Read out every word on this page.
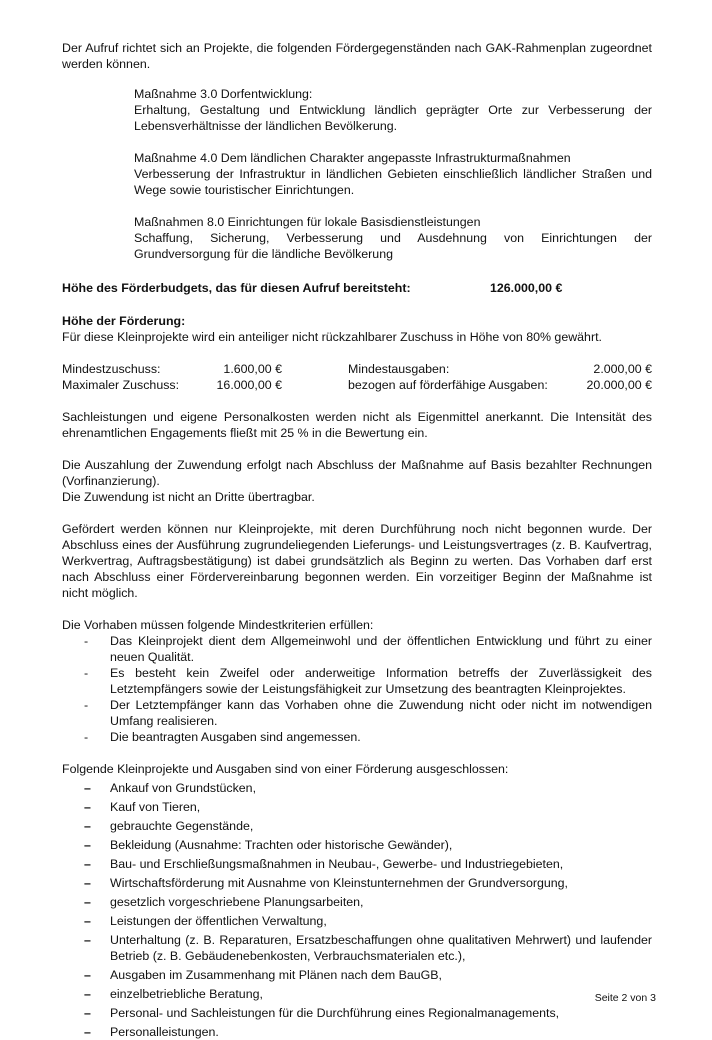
Der Aufruf richtet sich an Projekte, die folgenden Fördergegenständen nach GAK-Rahmenplan zugeordnet werden können.

Maßnahme 3.0 Dorfentwicklung:

Erhaltung, Gestaltung und Entwicklung ländlich geprägter Orte zur Verbesserung der Lebensverhältnisse der ländlichen Bevölkerung.

Maßnahme 4.0 Dem ländlichen Charakter angepasste Infrastrukturmaßnahmen

Verbesserung der Infrastruktur in ländlichen Gebieten einschließlich ländlicher Straßen und Wege sowie touristischer Einrichtungen.

Maßnahmen 8.0 Einrichtungen für lokale Basisdienstleistungen

Schaffung, Sicherung, Verbesserung und Ausdehnung von Einrichtungen der Grundversorgung für die ländliche Bevölkerung

Höhe des Förderbudgets, das für diesen Aufruf bereitsteht:	126.000,00 €

Höhe der Förderung:

Für diese Kleinprojekte wird ein anteiliger nicht rückzahlbarer Zuschuss in Höhe von 80% gewährt.

Mindestzuschuss:	1.600,00 €	Mindestausgaben:	2.000,00 €
Maximaler Zuschuss:	16.000,00 €	bezogen auf förderfähige Ausgaben:	20.000,00 €

Sachleistungen und eigene Personalkosten werden nicht als Eigenmittel anerkannt. Die Intensität des ehrenamtlichen Engagements fließt mit 25 % in die Bewertung ein.

Die Auszahlung der Zuwendung erfolgt nach Abschluss der Maßnahme auf Basis bezahlter Rechnungen (Vorfinanzierung).

Die Zuwendung ist nicht an Dritte übertragbar.

Gefördert werden können nur Kleinprojekte, mit deren Durchführung noch nicht begonnen wurde. Der Abschluss eines der Ausführung zugrundeliegenden Lieferungs- und Leistungsvertrages (z. B. Kaufvertrag, Werkvertrag, Auftragsbestätigung) ist dabei grundsätzlich als Beginn zu werten. Das Vorhaben darf erst nach Abschluss einer Fördervereinbarung begonnen werden. Ein vorzeitiger Beginn der Maßnahme ist nicht möglich.

Die Vorhaben müssen folgende Mindestkriterien erfüllen:

- Das Kleinprojekt dient dem Allgemeinwohl und der öffentlichen Entwicklung und führt zu einer neuen Qualität.
- Es besteht kein Zweifel oder anderweitige Information betreffs der Zuverlässigkeit des Letztempfängers sowie der Leistungsfähigkeit zur Umsetzung des beantragten Kleinprojektes.
- Der Letztempfänger kann das Vorhaben ohne die Zuwendung nicht oder nicht im notwendigen Umfang realisieren.
- Die beantragten Ausgaben sind angemessen.

Folgende Kleinprojekte und Ausgaben sind von einer Förderung ausgeschlossen:

– Ankauf von Grundstücken,
– Kauf von Tieren,
– gebrauchte Gegenstände,
– Bekleidung (Ausnahme: Trachten oder historische Gewänder),
– Bau- und Erschließungsmaßnahmen in Neubau-, Gewerbe- und Industriegebieten,
– Wirtschaftsförderung mit Ausnahme von Kleinstunternehmen der Grundversorgung,
– gesetzlich vorgeschriebene Planungsarbeiten,
– Leistungen der öffentlichen Verwaltung,
– Unterhaltung (z. B. Reparaturen, Ersatzbeschaffungen ohne qualitativen Mehrwert) und laufender Betrieb (z. B. Gebäudenebenkosten, Verbrauchsmaterialen etc.),
– Ausgaben im Zusammenhang mit Plänen nach dem BauGB,
– einzelbetriebliche Beratung,
– Personal- und Sachleistungen für die Durchführung eines Regionalmanagements,
– Personalleistungen.
Seite 2 von 3
